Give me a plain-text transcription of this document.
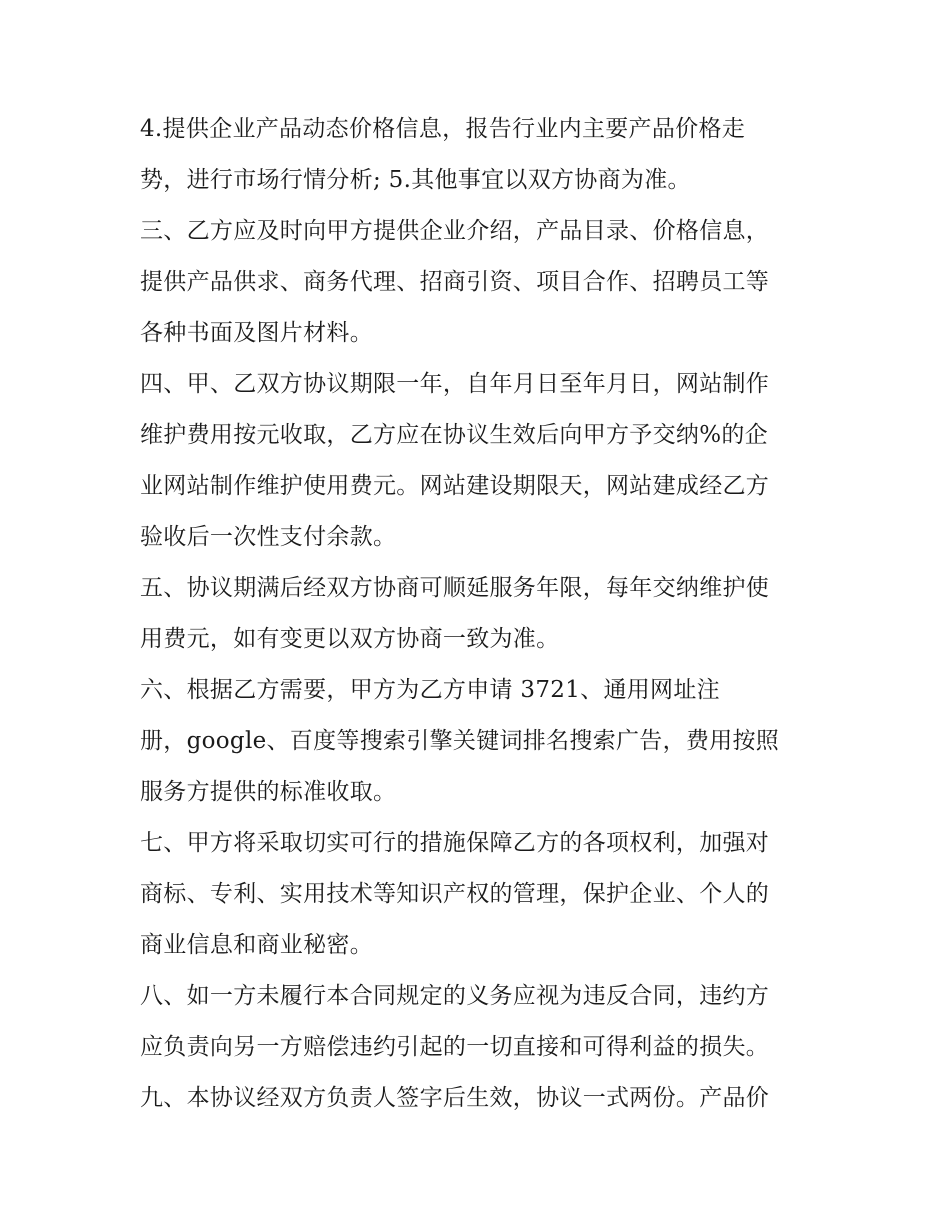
4.提供企业产品动态价格信息，报告行业内主要产品价格走
势，进行市场行情分析; 5.其他事宜以双方协商为准。
三、乙方应及时向甲方提供企业介绍，产品目录、价格信息，
提供产品供求、商务代理、招商引资、项目合作、招聘员工等
各种书面及图片材料。
四、甲、乙双方协议期限一年，自年月日至年月日，网站制作
维护费用按元收取，乙方应在协议生效后向甲方予交纳%的企
业网站制作维护使用费元。网站建设期限天，网站建成经乙方
验收后一次性支付余款。
五、协议期满后经双方协商可顺延服务年限，每年交纳维护使
用费元，如有变更以双方协商一致为准。
六、根据乙方需要，甲方为乙方申请 3721、通用网址注
册，google、百度等搜索引擎关键词排名搜索广告，费用按照
服务方提供的标准收取。
七、甲方将采取切实可行的措施保障乙方的各项权利，加强对
商标、专利、实用技术等知识产权的管理，保护企业、个人的
商业信息和商业秘密。
八、如一方未履行本合同规定的义务应视为违反合同，违约方
应负责向另一方赔偿违约引起的一切直接和可得利益的损失。
九、本协议经双方负责人签字后生效，协议一式两份。产品价
